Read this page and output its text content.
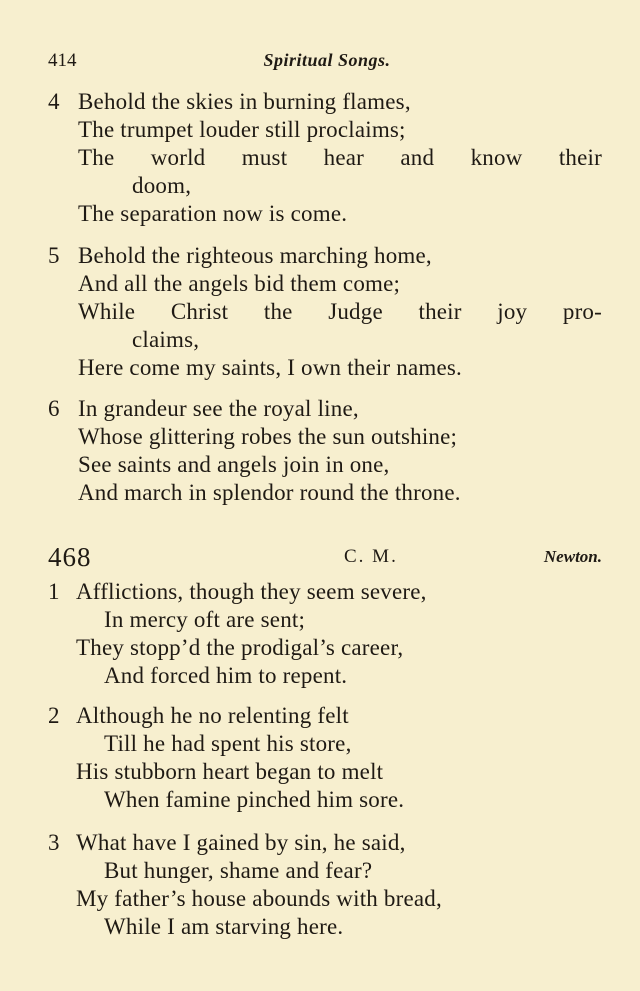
414	Spiritual Songs.
4 Behold the skies in burning flames,
The trumpet louder still proclaims;
The world must hear and know their
doom,
The separation now is come.
5 Behold the righteous marching home,
And all the angels bid them come;
While Christ the Judge their joy pro-
claims,
Here come my saints, I own their names.
6 In grandeur see the royal line,
Whose glittering robes the sun outshine;
See saints and angels join in one,
And march in splendor round the throne.
468	C. M.	Newton.
1 Afflictions, though they seem severe,
In mercy oft are sent;
They stopp’d the prodigal’s career,
And forced him to repent.
2 Although he no relenting felt
Till he had spent his store,
His stubborn heart began to melt
When famine pinched him sore.
3 What have I gained by sin, he said,
But hunger, shame and fear?
My father’s house abounds with bread,
While I am starving here.
